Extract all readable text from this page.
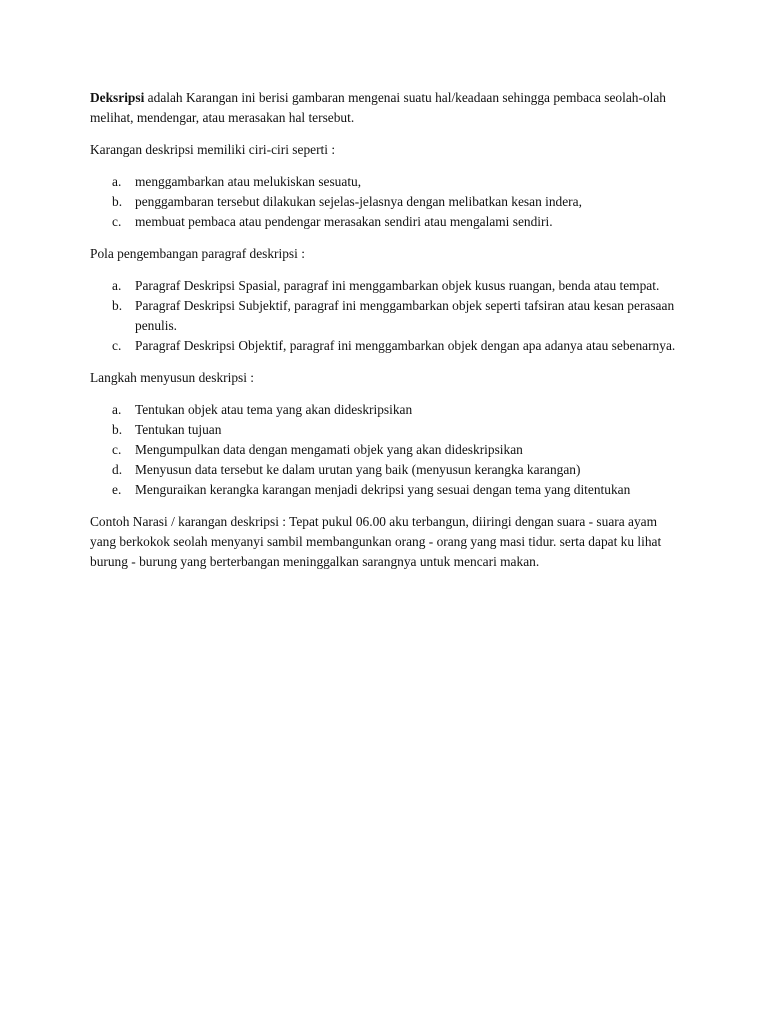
Deksripsi adalah Karangan ini berisi gambaran mengenai suatu hal/keadaan sehingga pembaca seolah-olah melihat, mendengar, atau merasakan hal tersebut.

Karangan deskripsi memiliki ciri-ciri seperti :

a. menggambarkan atau melukiskan sesuatu,
b. penggambaran tersebut dilakukan sejelas-jelasnya dengan melibatkan kesan indera,
c. membuat pembaca atau pendengar merasakan sendiri atau mengalami sendiri.

Pola pengembangan paragraf deskripsi :

a. Paragraf Deskripsi Spasial, paragraf ini menggambarkan objek kusus ruangan, benda atau tempat.
b. Paragraf Deskripsi Subjektif, paragraf ini menggambarkan objek seperti tafsiran atau kesan perasaan penulis.
c. Paragraf Deskripsi Objektif, paragraf ini menggambarkan objek dengan apa adanya atau sebenarnya.

Langkah menyusun deskripsi :

a. Tentukan objek atau tema yang akan dideskripsikan
b. Tentukan tujuan
c. Mengumpulkan data dengan mengamati objek yang akan dideskripsikan
d. Menyusun data tersebut ke dalam urutan yang baik (menyusun kerangka karangan)
e. Menguraikan kerangka karangan menjadi dekripsi yang sesuai dengan tema yang ditentukan

Contoh Narasi / karangan deskripsi : Tepat pukul 06.00 aku terbangun, diiringi dengan suara - suara ayam yang berkokok seolah menyanyi sambil membangunkan orang - orang yang masi tidur. serta dapat ku lihat burung - burung yang berterbangan meninggalkan sarangnya untuk mencari makan.
